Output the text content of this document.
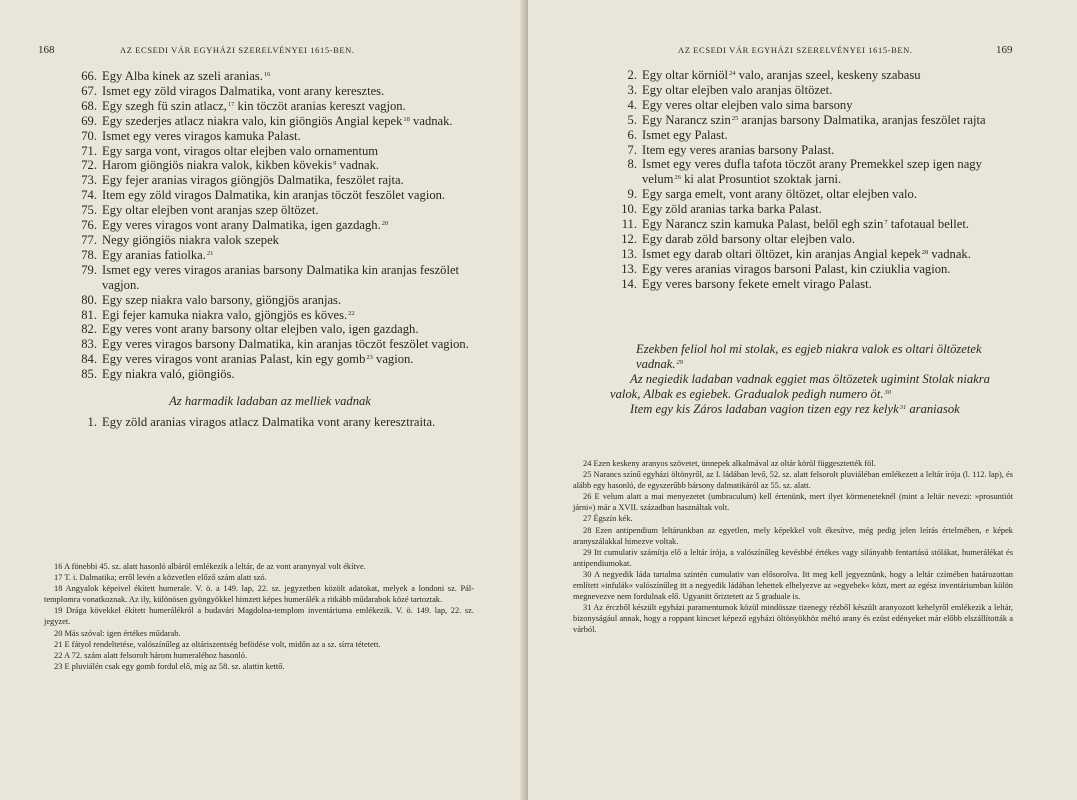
168	AZ ECSEDI VÁR EGYHÁZI SZERELVÉNYEI 1615-BEN.

66. Egy Alba kinek az szeli aranias.$^{16}$

67. Ismet egy zöld viragos Dalmatika, vont arany keresztes.

68. Egy szegh fü szin atlacz,$^{17}$ kin töczöt aranias kereszt vagjon.

69. Egy szederjes atlacz niakra valo, kin giöngiös Angial kepek$^{18}$ vadnak.

70. Ismet egy veres viragos kamuka Palast.

71. Egy sarga vont, viragos oltar elejben valo ornamentum

72. Harom giöngiös niakra valok, kikben kövekis$^9$ vadnak.

73. Egy fejer aranias viragos giöngjös Dalmatika, feszölet rajta.

74. Item egy zöld viragos Dalmatika, kin aranjas töczöt feszölet vagion.

75. Egy oltar elejben vont aranjas szep öltözet.

76. Egy veres viragos vont arany Dalmatika, igen gazdagh.$^{20}$

77. Negy giöngiös niakra valok szepek

78. Egy aranias fatiolka.$^{21}$

79. Ismet egy veres viragos aranias barsony Dalmatika kin aranjas feszölet vagjon.

80. Egy szep niakra valo barsony, giöngjös aranjas.

81. Egi fejer kamuka niakra valo, gjöngjös es köves.$^{22}$

82. Egy veres vont arany barsony oltar elejben valo, igen gazdagh.

83. Egy veres viragos barsony Dalmatika, kin aranjas töczöt feszölet vagion.

84. Egy veres viragos vont aranias Palast, kin egy gomb$^{23}$ vagion.

85. Egy niakra való, giöngiös.

Az harmadik ladaban az melliek vadnak

1. Egy zöld aranias viragos atlacz Dalmatika vont arany keresztraita.

16 A fönebbi 45. sz. alatt hasonló albáról emlékezik a leltár, de az vont aranynyal volt ékítve.

17 T. i. Dalmatika; erről levén a közvetlen előző szám alatt szó.

18 Angyalok képeivel ékített humerale. V. ö. a 149. lap, 22. sz. jegyzetben közölt adatokat, melyek a londoni sz. Pál-templomra vonatkoznak. Az ily, különösen gyöngyökkel himzett képes humerálék a ritkább műdarabok közé tartoztak.

19 Drága kövekkel ékített humerálékról a budavári Magdolna-templom inventáriuma emlékezik. V. ö. 149. lap, 22. sz. jegyzet.

20 Más szóval: igen értékes műdarab.

21 E fátyol rendeltetése, valószínűleg az oltáriszentség befödése volt, midőn az a sz. sírra tétetett.

22 A 72. szám alatt felsorolt három humeraléhoz hasonló.

23 E pluviálén csak egy gomb fordul elő, míg az 58. sz. alattin kettő.

AZ ECSEDI VÁR EGYHÁZI SZERELVÉNYEI 1615-BEN.	169

2. Egy oltar körniöl$^{24}$ valo, aranjas szeel, keskeny szabasu

3. Egy oltar elejben valo aranjas öltözet.

4. Egy veres oltar elejben valo sima barsony

5. Egy Narancz szin$^{25}$ aranjas barsony Dalmatika, aranjas feszölet rajta

6. Ismet egy Palast.

7. Item egy veres aranias barsony Palast.

8. Ismet egy veres dufla tafota töczöt arany Premekkel szep igen nagy velum$^{26}$ ki alat Prosuntiot szoktak jarni.

9. Egy sarga emelt, vont arany öltözet, oltar elejben valo.

10. Egy zöld aranias tarka barka Palast.

11. Egy Narancz szin kamuka Palast, belől egh szin$^7$ tafotaual bellet.

12. Egy darab zöld barsony oltar elejben valo.

13. Ismet egy darab oltari öltözet, kin aranjas Angial kepek$^{28}$ vadnak.

13. Egy veres aranias viragos barsoni Palast, kin cziuklia vagion.

14. Egy veres barsony fekete emelt virago Palast.

Ezekben feliol hol mi stolak, es egjeb niakra valok es oltari öltözetek vadnak.$^{29}$

Az negiedik ladaban vadnak eggiet mas öltözetek ugimint Stolak niakra valok, Albak es egiebek. Gradualok pedigh numero öt.$^{30}$

Item egy kis Záros ladaban vagion tizen egy rez kelyk$^{31}$ araniasok

24 Ezen keskeny aranyos szövetet, ünnepek alkalmával az oltár körül függesztették föl.

25 Narancs színű egyházi öltönyről, az I. ládában levő, 52. sz. alatt felsorolt pluviáléban emlékezett a leltár írója (l. 112. lap), és alább egy hasonló, de egyszerűbb bársony dalmatikáról az 55. sz. alatt.

26 E velum alatt a mai menyezetet (umbraculum) kell értenünk, mert ilyet körmeneteknél (mint a leltár nevezi: »prosuntiót járni«) már a XVII. században használtak volt.

27 Égszín kék.

28 Ezen antipendium leltárunkban az egyetlen, mely képekkel volt ékesítve, még pedig jelen leírás értelmében, e képek aranyszálakkal himezve voltak.

29 Itt cumulativ számítja elő a leltár írója, a valószínűleg kevésbbé értékes vagy silányabb fentartású stólákat, humerálékat és antipendiumokat.

30 A negyedik láda tartalma szintén cumulativ van elősorolva. Itt meg kell jegyeznünk, hogy a leltár czímében határozottan említett »infulák« valószínűleg itt a negyedik ládában lehettek elhelyezve az »egyebek« közt, mert az egész inventáriumban külön megnevezve nem fordulnak elő. Ugyanitt őriztetett az 5 graduale is.

31 Az érczből készült egyházi paramentumok közül mindössze tizenegy rézből készült aranyozott kehelyről emlékezik a leltár, bizonyságául annak, hogy a roppant kincset képező egyházi öltönyökhöz méltó arany és ezüst edényeket már előbb elszállították a várból.
